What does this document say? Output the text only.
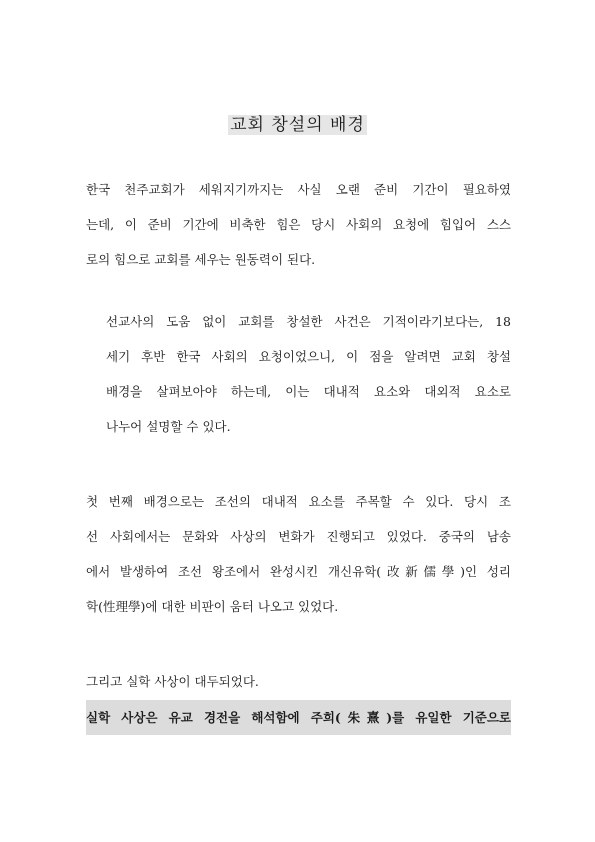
교회 창설의 배경

한국 천주교회가 세워지기까지는 사실 오랜 준비 기간이 필요하였
는데, 이 준비 기간에 비축한 힘은 당시 사회의 요청에 힘입어 스스
로의 힘으로 교회를 세우는 원동력이 된다.

선교사의 도움 없이 교회를 창설한 사건은 기적이라기보다는, 18
세기 후반 한국 사회의 요청이었으니, 이 점을 알려면 교회 창설
배경을 살펴보아야 하는데, 이는 대내적 요소와 대외적 요소로
나누어 설명할 수 있다.

첫 번째 배경으로는 조선의 대내적 요소를 주목할 수 있다. 당시 조
선 사회에서는 문화와 사상의 변화가 진행되고 있었다. 중국의 남송
에서 발생하여 조선 왕조에서 완성시킨 개신유학(改新儒學)인 성리
학(性理學)에 대한 비판이 움터 나오고 있었다.

그리고 실학 사상이 대두되었다.

실학 사상은 유교 경전을 해석함에 주희(朱熹)를 유일한 기준으로
